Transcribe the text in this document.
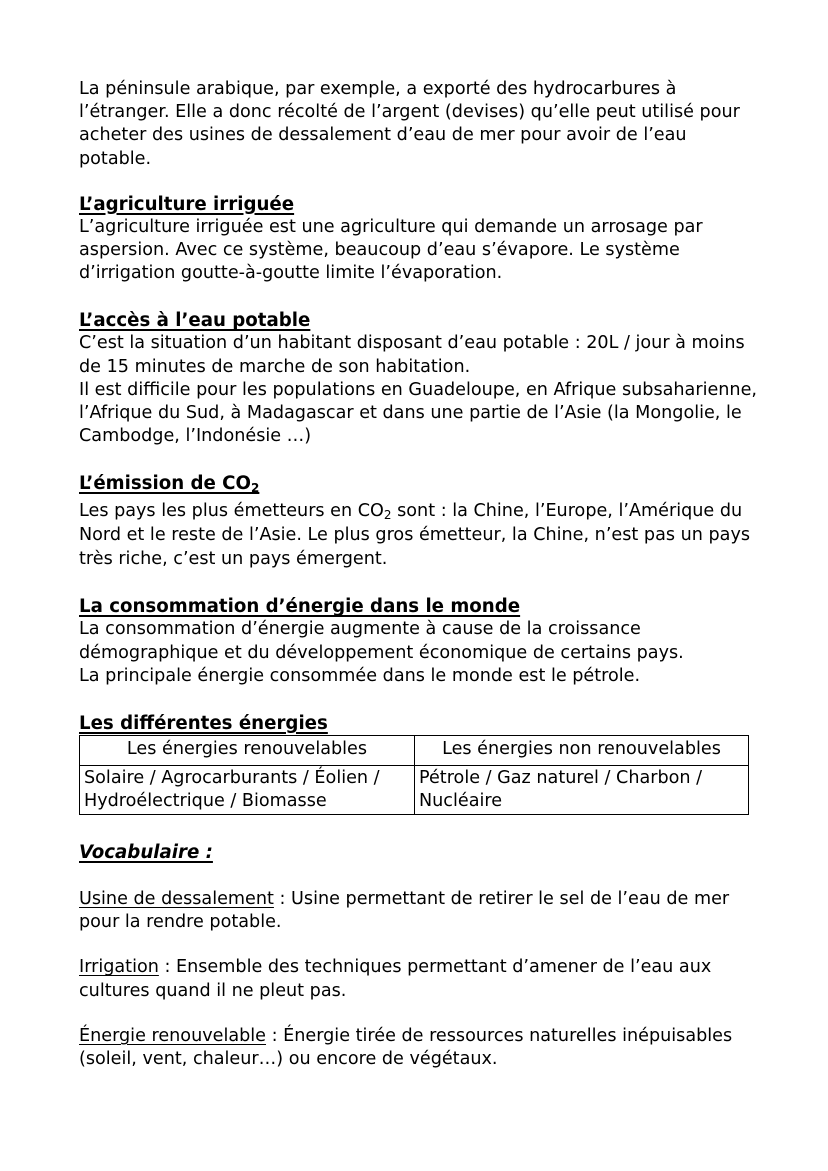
La péninsule arabique, par exemple, a exporté des hydrocarbures à l’étranger. Elle a donc récolté de l’argent (devises) qu’elle peut utilisé pour acheter des usines de dessalement d’eau de mer pour avoir de l’eau potable.

L’agriculture irriguée

L’agriculture irriguée est une agriculture qui demande un arrosage par aspersion. Avec ce système, beaucoup d’eau s’évapore. Le système d’irrigation goutte-à-goutte limite l’évaporation.

L’accès à l’eau potable

C’est la situation d’un habitant disposant d’eau potable : 20L / jour à moins de 15 minutes de marche de son habitation.

Il est difficile pour les populations en Guadeloupe, en Afrique subsaharienne, l’Afrique du Sud, à Madagascar et dans une partie de l’Asie (la Mongolie, le Cambodge, l’Indonésie …)

L’émission de $CO_2$

Les pays les plus émetteurs en $CO_2$ sont : la Chine, l’Europe, l’Amérique du Nord et le reste de l’Asie. Le plus gros émetteur, la Chine, n’est pas un pays très riche, c’est un pays émergent.

La consommation d’énergie dans le monde

La consommation d’énergie augmente à cause de la croissance démographique et du développement économique de certains pays.

La principale énergie consommée dans le monde est le pétrole.

Les différentes énergies
Les énergies renouvelables	Les énergies non renouvelables
Solaire / Agrocarburants / Éolien / Hydroélectrique / Biomasse	Pétrole / Gaz naturel / Charbon / Nucléaire
Vocabulaire :

Usine de dessalement : Usine permettant de retirer le sel de l’eau de mer pour la rendre potable.

Irrigation : Ensemble des techniques permettant d’amener de l’eau aux cultures quand il ne pleut pas.

Énergie renouvelable : Énergie tirée de ressources naturelles inépuisables (soleil, vent, chaleur…) ou encore de végétaux.
